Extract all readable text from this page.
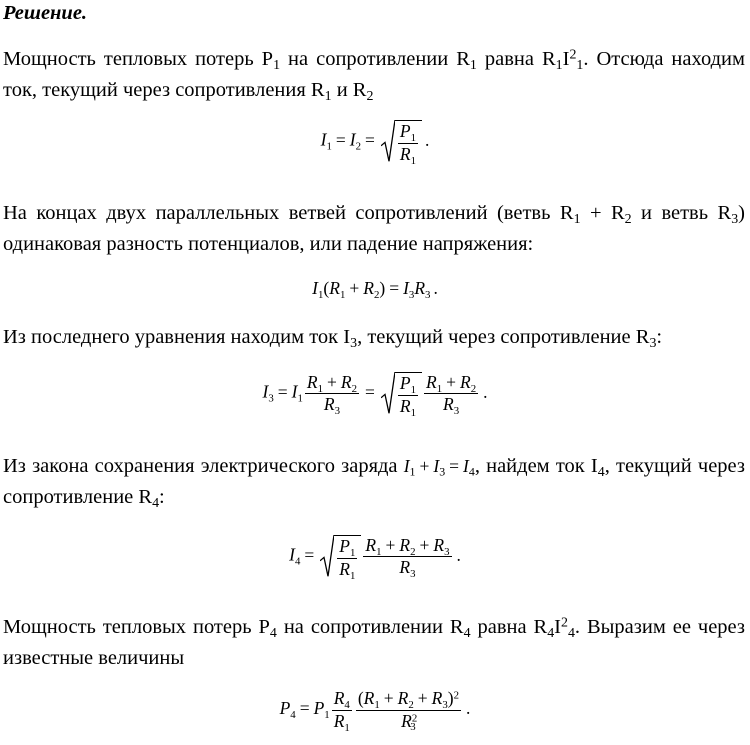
Решение.

Мощность тепловых потерь $P_1$ на сопротивлении $R_1$ равна $R_1I^2_1$. Отсюда находим ток, текущий через сопротивления $R_1$ и $R_2$

$I_1 = I_2 = \frac{P_1}{R_1}$ .

На концах двух параллельных ветвей сопротивлений (ветвь $R_1 + R_2$ и ветвь $R_3$) одинаковая разность потенциалов, или падение напряжения:

$I_1(R_1 + R_2) = I_3R_3$ .

Из последнего уравнения находим ток $I_3$, текущий через сопротивление $R_3$:

$I_3 = I_1 \frac{R_1 + R_2}{R_3} = \frac{P_1}{R_1} \frac{R_1 + R_2}{R_3}$ .

Из закона сохранения электрического заряда $I_1 + I_3 = I_4$, найдем ток $I_4$, текущий через сопротивление $R_4$:

$I_4 = \frac{P_1}{R_1} \frac{R_1 + R_2 + R_3}{R_3}$ .

Мощность тепловых потерь $P_4$ на сопротивлении $R_4$ равна $R_4I^2_4$. Выразим ее через известные величины

$P_4 = P_1 \frac{R_4}{R_1} \frac{(R_1 + R_2 + R_3)^2}{R^2_3}$ .
